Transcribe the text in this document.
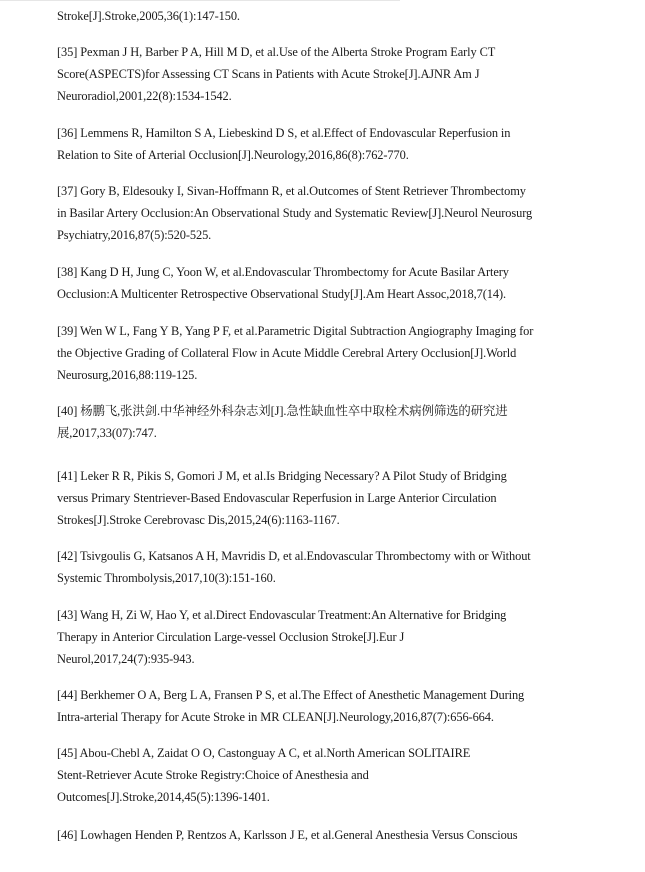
Stroke[J].Stroke,2005,36(1):147-150.

[35] Pexman J H, Barber P A, Hill M D, et al.Use of the Alberta Stroke Program Early CT
Score(ASPECTS)for Assessing CT Scans in Patients with Acute Stroke[J].AJNR Am J
Neuroradiol,2001,22(8):1534-1542.

[36] Lemmens R, Hamilton S A, Liebeskind D S, et al.Effect of Endovascular Reperfusion in
Relation to Site of Arterial Occlusion[J].Neurology,2016,86(8):762-770.

[37] Gory B, Eldesouky I, Sivan-Hoffmann R, et al.Outcomes of Stent Retriever Thrombectomy
in Basilar Artery Occlusion:An Observational Study and Systematic Review[J].Neurol Neurosurg
Psychiatry,2016,87(5):520-525.

[38] Kang D H, Jung C, Yoon W, et al.Endovascular Thrombectomy for Acute Basilar Artery
Occlusion:A Multicenter Retrospective Observational Study[J].Am Heart Assoc,2018,7(14).

[39] Wen W L, Fang Y B, Yang P F, et al.Parametric Digital Subtraction Angiography Imaging for
the Objective Grading of Collateral Flow in Acute Middle Cerebral Artery Occlusion[J].World
Neurosurg,2016,88:119-125.

[40] 杨鹏飞,张洪剑.中华神经外科杂志刘[J].急性缺血性卒中取栓术病例筛选的研究进
展,2017,33(07):747.

[41] Leker R R, Pikis S, Gomori J M, et al.Is Bridging Necessary? A Pilot Study of Bridging
versus Primary Stentriever-Based Endovascular Reperfusion in Large Anterior Circulation
Strokes[J].Stroke Cerebrovasc Dis,2015,24(6):1163-1167.

[42] Tsivgoulis G, Katsanos A H, Mavridis D, et al.Endovascular Thrombectomy with or Without
Systemic Thrombolysis,2017,10(3):151-160.

[43] Wang H, Zi W, Hao Y, et al.Direct Endovascular Treatment:An Alternative for Bridging
Therapy in Anterior Circulation Large-vessel Occlusion Stroke[J].Eur J
Neurol,2017,24(7):935-943.

[44] Berkhemer O A, Berg L A, Fransen P S, et al.The Effect of Anesthetic Management During
Intra-arterial Therapy for Acute Stroke in MR CLEAN[J].Neurology,2016,87(7):656-664.

[45] Abou-Chebl A, Zaidat O O, Castonguay A C, et al.North American SOLITAIRE
Stent-Retriever Acute Stroke Registry:Choice of Anesthesia and
Outcomes[J].Stroke,2014,45(5):1396-1401.

[46] Lowhagen Henden P, Rentzos A, Karlsson J E, et al.General Anesthesia Versus Conscious
